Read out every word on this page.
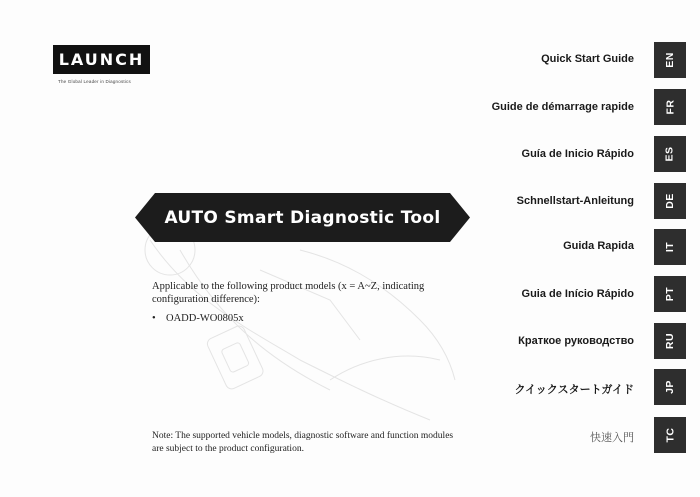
LAUNCH
The Global Leader in Diagnostics
AUTO Smart Diagnostic Tool
Applicable to the following product models (x = A~Z, indicating configuration difference):
• OADD-WO0805x
Note: The supported vehicle models, diagnostic software and function modules are subject to the product configuration.
Quick Start Guide
Guide de démarrage rapide
Guía de Inicio Rápido
Schnellstart-Anleitung
Guida Rapida
Guia de Início Rápido
Краткое руководство
クイックスタートガイド
快速入門
EN
FR
ES
DE
IT
PT
RU
JP
TC
